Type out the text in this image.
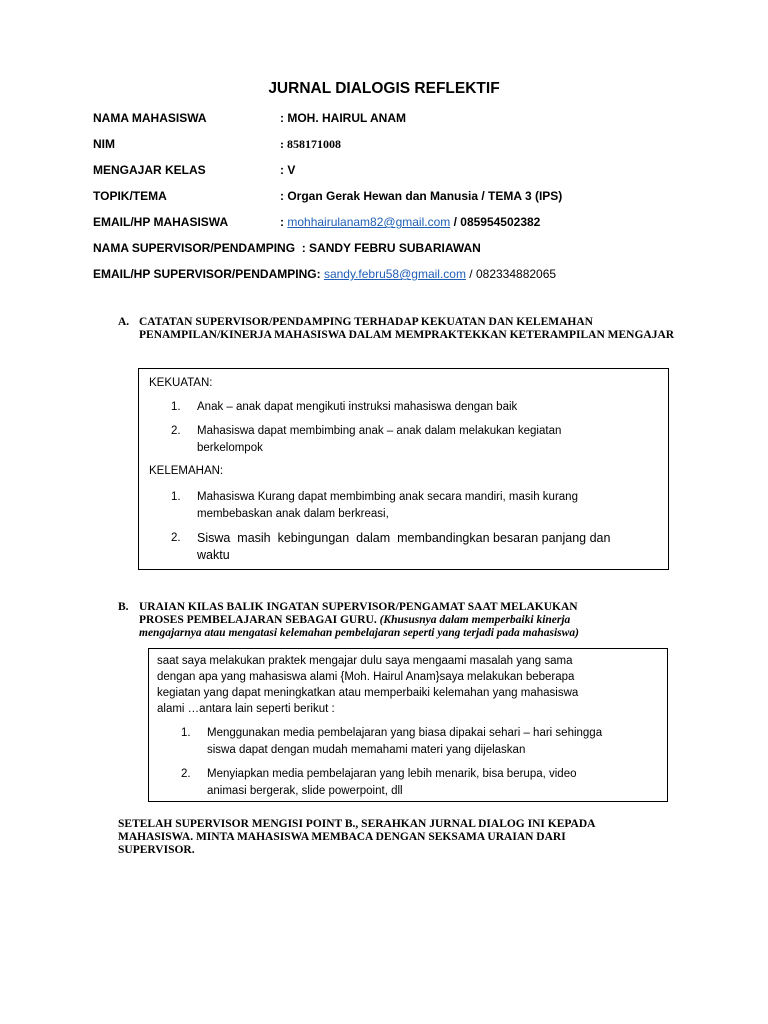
JURNAL DIALOGIS REFLEKTIF
NAMA MAHASISWA	: MOH. HAIRUL ANAM
NIM	: 858171008
MENGAJAR KELAS	: V
TOPIK/TEMA	: Organ Gerak Hewan dan Manusia / TEMA 3 (IPS)
EMAIL/HP MAHASISWA	: mohhairulanam82@gmail.com / 085954502382
NAMA SUPERVISOR/PENDAMPING  : SANDY FEBRU SUBARIAWAN
EMAIL/HP SUPERVISOR/PENDAMPING: sandy.febru58@gmail.com / 082334882065
A. CATATAN SUPERVISOR/PENDAMPING TERHADAP KEKUATAN DAN KELEMAHAN PENAMPILAN/KINERJA MAHASISWA DALAM MEMPRAKTEKKAN KETERAMPILAN MENGAJAR
KEKUATAN:
1. Anak – anak dapat mengikuti instruksi mahasiswa dengan baik
2. Mahasiswa dapat membimbing anak – anak dalam melakukan kegiatan
berkelompok
KELEMAHAN:
1. Mahasiswa Kurang dapat membimbing anak secara mandiri, masih kurang
membebaskan anak dalam berkreasi,
2. Siswa  masih  kebingungan  dalam  membandingkan besaran panjang dan
waktu
B. URAIAN KILAS BALIK INGATAN SUPERVISOR/PENGAMAT SAAT MELAKUKAN
PROSES PEMBELAJARAN SEBAGAI GURU. (Khususnya dalam memperbaiki kinerja
mengajarnya atau mengatasi kelemahan pembelajaran seperti yang terjadi pada mahasiswa)
saat saya melakukan praktek mengajar dulu saya mengaami masalah yang sama
dengan apa yang mahasiswa alami {Moh. Hairul Anam}saya melakukan beberapa
kegiatan yang dapat meningkatkan atau memperbaiki kelemahan yang mahasiswa
alami …antara lain seperti berikut :
1. Menggunakan media pembelajaran yang biasa dipakai sehari – hari sehingga
siswa dapat dengan mudah memahami materi yang dijelaskan
2. Menyiapkan media pembelajaran yang lebih menarik, bisa berupa, video
animasi bergerak, slide powerpoint, dll
SETELAH SUPERVISOR MENGISI POINT B., SERAHKAN JURNAL DIALOG INI KEPADA
MAHASISWA. MINTA MAHASISWA MEMBACA DENGAN SEKSAMA URAIAN DARI
SUPERVISOR.
